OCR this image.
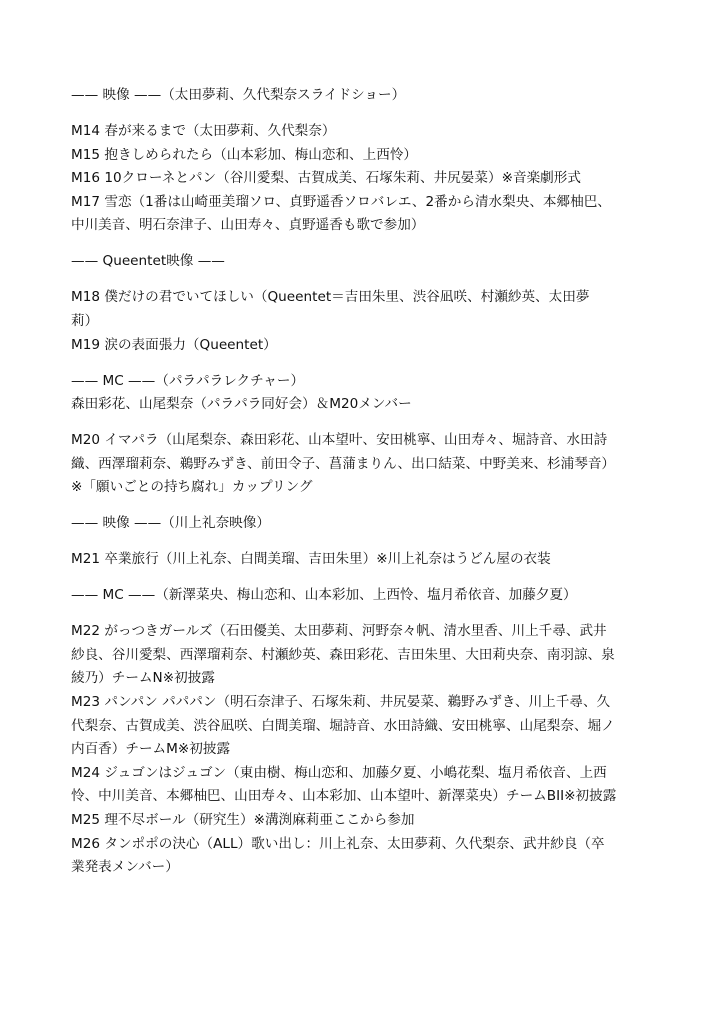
—— 映像 ——（太田夢莉、久代梨奈スライドショー）
M14 春が来るまで（太田夢莉、久代梨奈）
M15 抱きしめられたら（山本彩加、梅山恋和、上西怜）
M16 10クローネとパン（谷川愛梨、古賀成美、石塚朱莉、井尻晏菜）※音楽劇形式
M17 雪恋（1番は山崎亜美瑠ソロ、貞野遥香ソロバレエ、2番から清水梨央、本郷柚巴、
中川美音、明石奈津子、山田寿々、貞野遥香も歌で参加）
—— Queentet映像 ——
M18 僕だけの君でいてほしい（Queentet＝吉田朱里、渋谷凪咲、村瀬紗英、太田夢
莉）
M19 涙の表面張力（Queentet）
—— MC ——（パラパラレクチャー）
森田彩花、山尾梨奈（パラパラ同好会）＆M20メンバー
M20 イマパラ（山尾梨奈、森田彩花、山本望叶、安田桃寧、山田寿々、堀詩音、水田詩
織、西澤瑠莉奈、鵜野みずき、前田令子、菖蒲まりん、出口結菜、中野美来、杉浦琴音）
※「願いごとの持ち腐れ」カップリング
—— 映像 ——（川上礼奈映像）
M21 卒業旅行（川上礼奈、白間美瑠、吉田朱里）※川上礼奈はうどん屋の衣装
—— MC ——（新澤菜央、梅山恋和、山本彩加、上西怜、塩月希依音、加藤夕夏）
M22 がっつきガールズ（石田優美、太田夢莉、河野奈々帆、清水里香、川上千尋、武井
紗良、谷川愛梨、西澤瑠莉奈、村瀬紗英、森田彩花、吉田朱里、大田莉央奈、南羽諒、泉
綾乃）チームN※初披露
M23 パンパン パパパン（明石奈津子、石塚朱莉、井尻晏菜、鵜野みずき、川上千尋、久
代梨奈、古賀成美、渋谷凪咲、白間美瑠、堀詩音、水田詩織、安田桃寧、山尾梨奈、堀ノ
内百香）チームM※初披露
M24 ジュゴンはジュゴン（東由樹、梅山恋和、加藤夕夏、小嶋花梨、塩月希依音、上西
怜、中川美音、本郷柚巴、山田寿々、山本彩加、山本望叶、新澤菜央）チームBII※初披露
M25 理不尽ボール（研究生）※溝渕麻莉亜ここから参加
M26 タンポポの決心（ALL）歌い出し：川上礼奈、太田夢莉、久代梨奈、武井紗良（卒
業発表メンバー）
